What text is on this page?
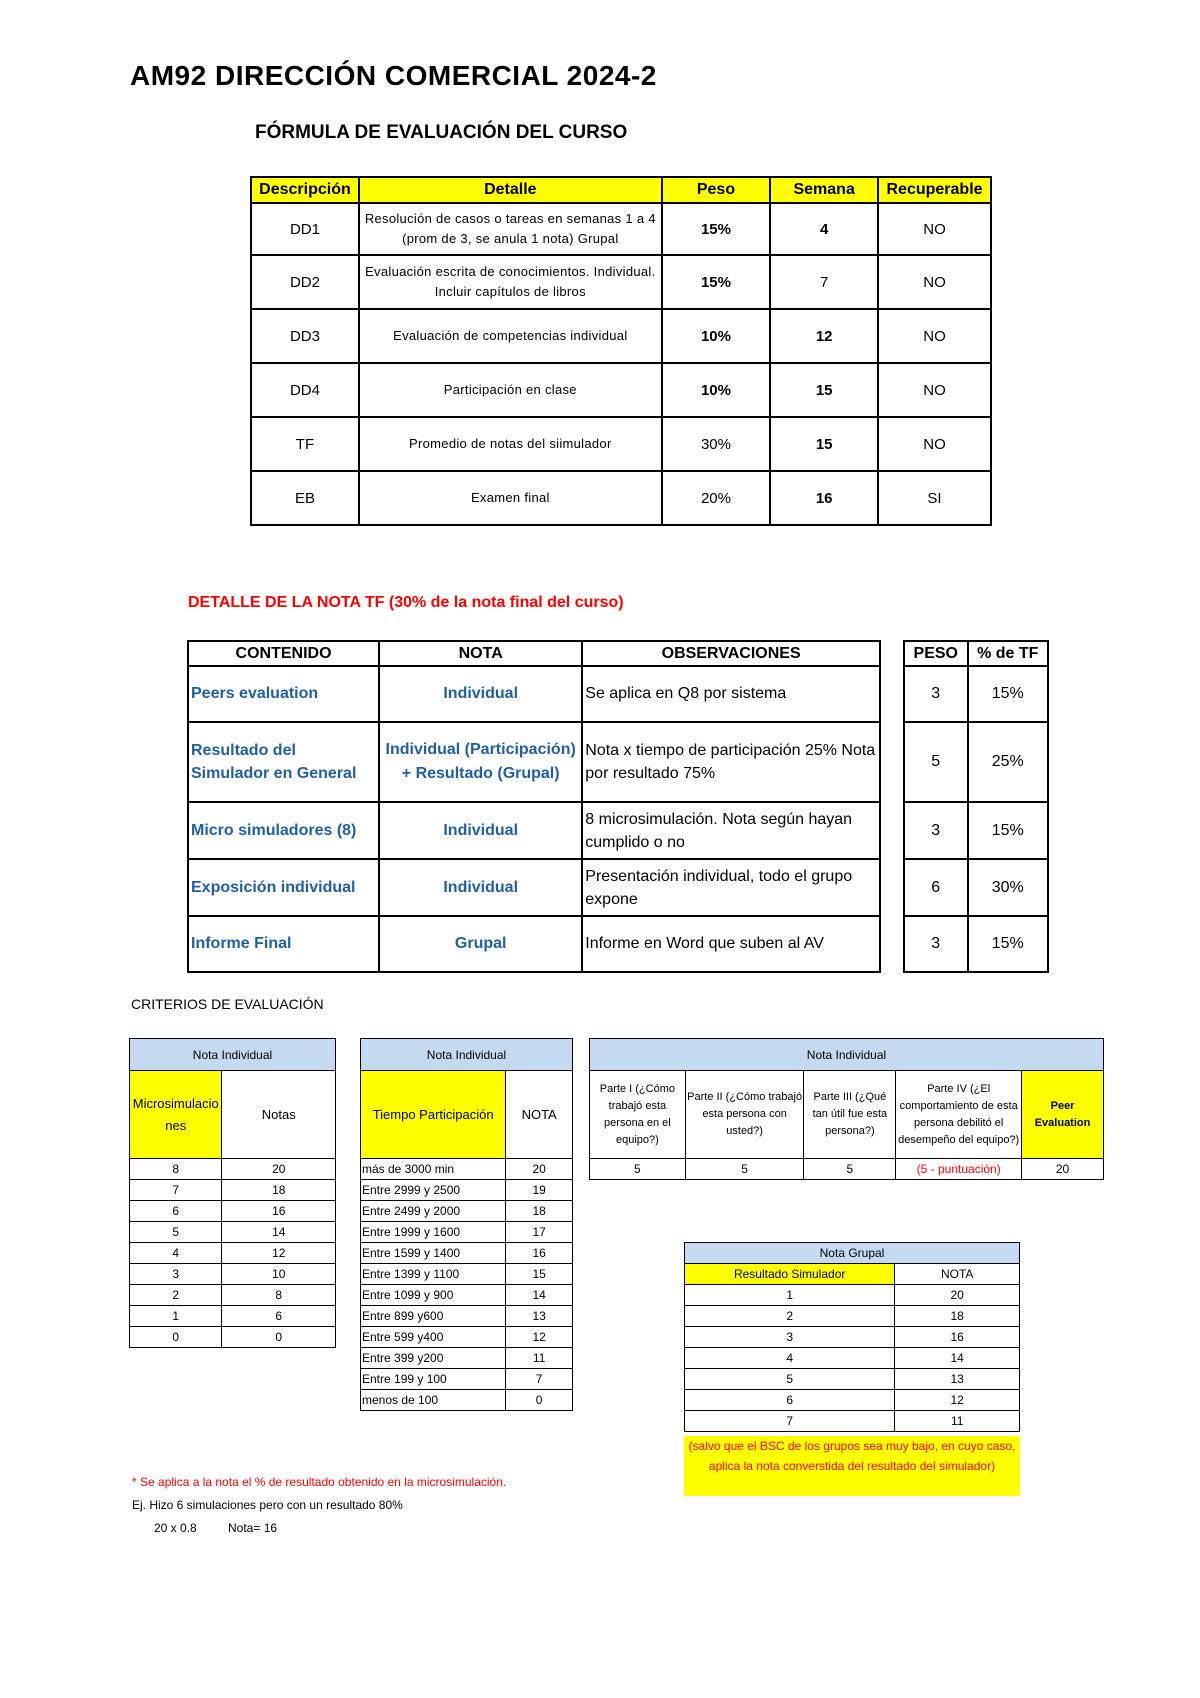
AM92 DIRECCIÓN COMERCIAL 2024-2
FÓRMULA DE EVALUACIÓN DEL CURSO
Descripción	Detalle	Peso	Semana	Recuperable
DD1	Resolución de casos o tareas en semanas 1 a 4 (prom de 3, se anula 1 nota) Grupal	15%	4	NO
DD2	Evaluación escrita de conocimientos. Individual. Incluir capítulos de libros	15%	7	NO
DD3	Evaluación de competencias individual	10%	12	NO
DD4	Participación en clase	10%	15	NO
TF	Promedio de notas del siimulador	30%	15	NO
EB	Examen final	20%	16	SI
DETALLE DE LA NOTA TF (30% de la nota final del curso)
CONTENIDO	NOTA	OBSERVACIONES
Peers evaluation	Individual	Se aplica en Q8 por sistema
Resultado del Simulador en General	Individual (Participación) + Resultado (Grupal)	Nota x tiempo de participación 25% Nota por resultado 75%
Micro simuladores (8)	Individual	8 microsimulación. Nota según hayan cumplido o no
Exposición individual	Individual	Presentación individual, todo el grupo expone
Informe Final	Grupal	Informe en Word que suben al AV
PESO	% de TF
3	15%
5	25%
3	15%
6	30%
3	15%
CRITERIOS DE EVALUACIÓN
Nota Individual	
Microsimulaciones	Notas
8	20
7	18
6	16
5	14
4	12
3	10
2	8
1	6
0	0
Nota Individual	
Tiempo Participación	NOTA
más de 3000 min	20
Entre 2999 y 2500	19
Entre 2499 y 2000	18
Entre 1999 y 1600	17
Entre 1599 y 1400	16
Entre 1399 y 1100	15
Entre 1099 y 900	14
Entre 899 y600	13
Entre 599 y400	12
Entre 399 y200	11
Entre 199 y 100	7
menos de 100	0
Nota Individual				
Parte I (¿Cómo trabajó esta persona en el equipo?)	Parte II (¿Cómo trabajó esta persona con usted?)	Parte III (¿Qué tan útil fue esta persona?)	Parte IV (¿El comportamiento de esta persona debilitó el desempeño del equipo?)	Peer Evaluation
5	5	5	(5 - puntuación)	20
Nota Grupal	
Resultado Simulador	NOTA
1	20
2	18
3	16
4	14
5	13
6	12
7	11
(salvo que el BSC de los grupos sea muy bajo, en cuyo caso, aplica la nota converstida del resultado del simulador)
* Se aplica a la nota el % de resultado obtenido en la microsimulación.
Ej. Hizo 6 simulaciones pero con un resultado 80%
20 x 0.8	Nota= 16
